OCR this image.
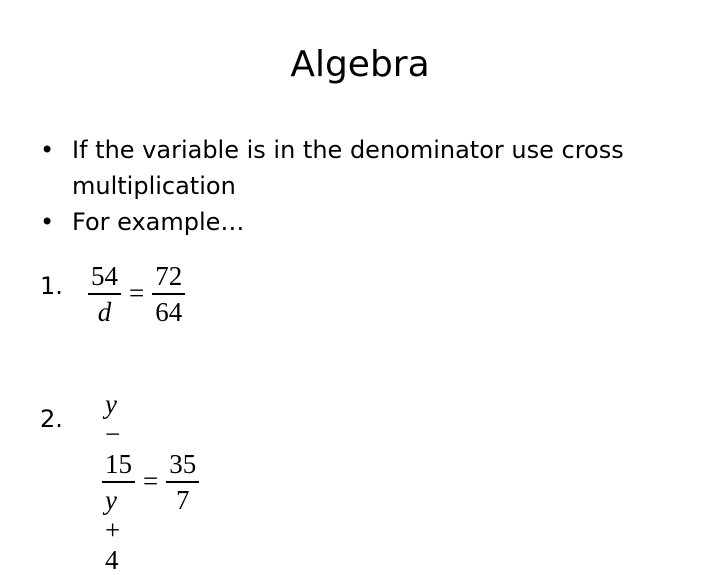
Algebra
• If the variable is in the denominator use cross multiplication
• For example…
1. $\frac{54}{d} = \frac{72}{64}$
2. $\frac{y - 15}{y + 4} = \frac{35}{7}$
